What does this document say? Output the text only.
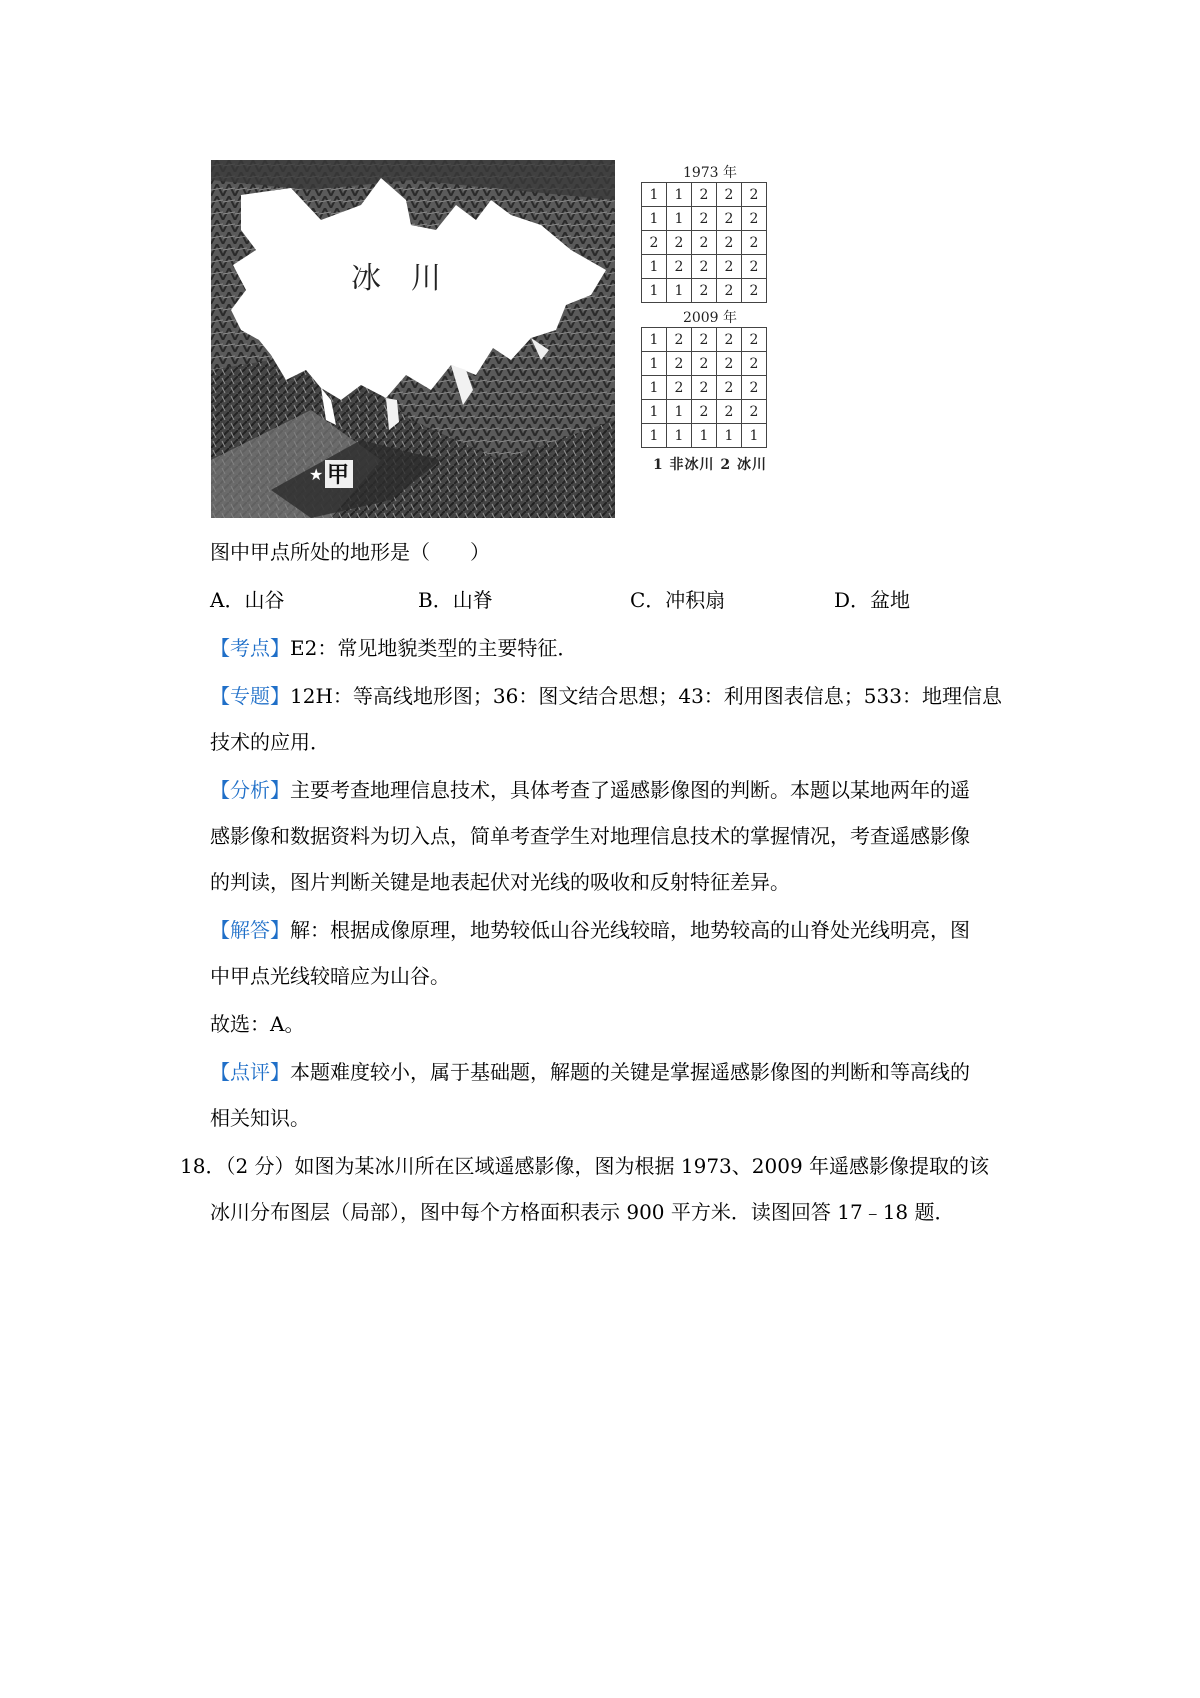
冰　川
★ 甲
1973 年
1	1	2	2	2
1	1	2	2	2
2	2	2	2	2
1	2	2	2	2
1	1	2	2	2
2009 年
1	2	2	2	2
1	2	2	2	2
1	2	2	2	2
1	1	2	2	2
1	1	1	1	1
1 非冰川 2 冰川
图中甲点所处的地形是（　　）
A．山谷	B．山脊	C．冲积扇	D．盆地
【考点】E2：常见地貌类型的主要特征．
【专题】12H：等高线地形图；36：图文结合思想；43：利用图表信息；533：地理信息
技术的应用．
【分析】主要考查地理信息技术，具体考查了遥感影像图的判断。本题以某地两年的遥
感影像和数据资料为切入点，简单考查学生对地理信息技术的掌握情况，考查遥感影像
的判读，图片判断关键是地表起伏对光线的吸收和反射特征差异。
【解答】解：根据成像原理，地势较低山谷光线较暗，地势较高的山脊处光线明亮，图
中甲点光线较暗应为山谷。
故选：A。
【点评】本题难度较小，属于基础题，解题的关键是掌握遥感影像图的判断和等高线的
相关知识。
18．（2 分）如图为某冰川所在区域遥感影像，图为根据 1973、2009 年遥感影像提取的该
冰川分布图层（局部），图中每个方格面积表示 900 平方米．读图回答 17﹣18 题．
